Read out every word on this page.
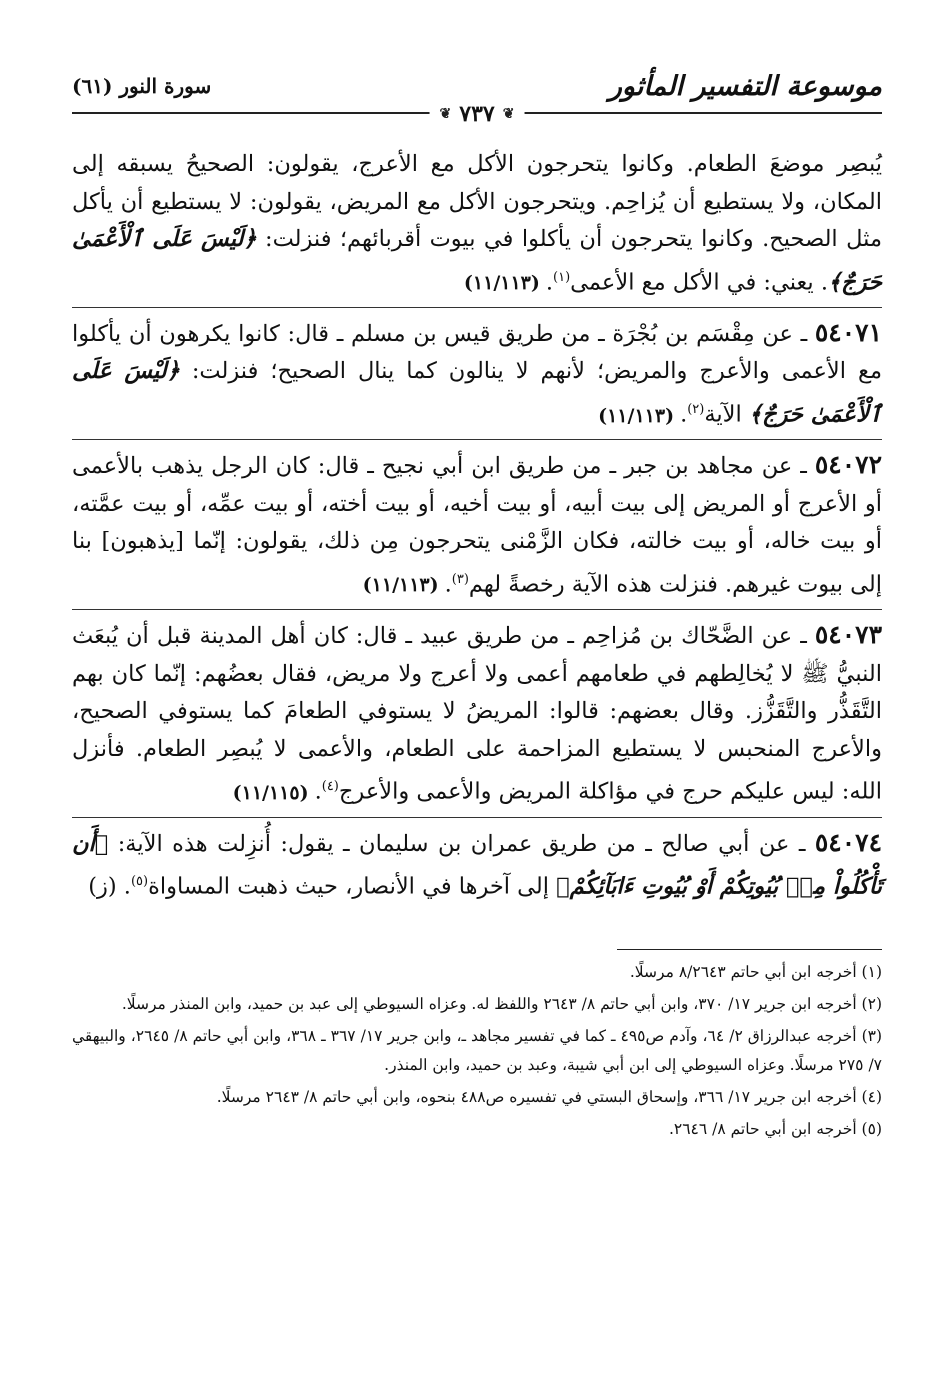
موسوعة التفسير المأثور
❦
٧٣٧
❦
سورة النور (٦١)

يُبصِر موضعَ الطعام. وكانوا يتحرجون الأكل مع الأعرج، يقولون: الصحيحُ يسبقه إلى المكان، ولا يستطيع أن يُزاحِم. ويتحرجون الأكل مع المريض، يقولون: لا يستطيع أن يأكل مثل الصحيح. وكانوا يتحرجون أن يأكلوا في بيوت أقربائهم؛ فنزلت: ﴿لَيْسَ عَلَى ٱلْأَعْمَىٰ حَرَجٌ﴾. يعني: في الأكل مع الأعمى$^{(١)}$.(١١/١١٣)

٥٤٠٧١ ـ عن مِقْسَم بن بُجْرَة ـ من طريق قيس بن مسلم ـ قال: كانوا يكرهون أن يأكلوا مع الأعمى والأعرج والمريض؛ لأنهم لا ينالون كما ينال الصحيح؛ فنزلت: ﴿لَيْسَ عَلَى ٱلْأَعْمَىٰ حَرَجٌ﴾ الآية$^{(٢)}$.(١١/١١٣)

٥٤٠٧٢ ـ عن مجاهد بن جبر ـ من طريق ابن أبي نجيح ـ قال: كان الرجل يذهب بالأعمى أو الأعرج أو المريض إلى بيت أبيه، أو بيت أخيه، أو بيت أخته، أو بيت عمِّه، أو بيت عمَّته، أو بيت خاله، أو بيت خالته، فكان الزَّمْنى يتحرجون مِن ذلك، يقولون: إنّما [يذهبون] بنا إلى بيوت غيرهم. فنزلت هذه الآية رخصةً لهم$^{(٣)}$.(١١/١١٣)

٥٤٠٧٣ ـ عن الضَّحّاك بن مُزاحِم ـ من طريق عبيد ـ قال: كان أهل المدينة قبل أن يُبعَث النبيُّ ﷺ لا يُخالِطهم في طعامهم أعمى ولا أعرج ولا مريض، فقال بعضُهم: إنّما كان بهم التَّقَذُّر والتَّقَزُّز. وقال بعضهم: قالوا: المريضُ لا يستوفي الطعامَ كما يستوفي الصحيح، والأعرج المنحبس لا يستطيع المزاحمة على الطعام، والأعمى لا يُبصِر الطعام. فأنزل الله: ليس عليكم حرج في مؤاكلة المريض والأعمى والأعرج$^{(٤)}$.(١١/١١٥)

٥٤٠٧٤ ـ عن أبي صالح ـ من طريق عمران بن سليمان ـ يقول: أُنزِلت هذه الآية: ﴿أَن تَأْكُلُواْ مِنۢ بُيُوتِكُمْ أَوْ بُيُوتِ ءَابَآئِكُمْ﴾ إلى آخرها في الأنصار، حيث ذهبت المساواة$^{(٥)}$. (ز)

(١) أخرجه ابن أبي حاتم ٨/٢٦٤٣ مرسلًا.

(٢) أخرجه ابن جرير ١٧/ ٣٧٠، وابن أبي حاتم ٨/ ٢٦٤٣ واللفظ له. وعزاه السيوطي إلى عبد بن حميد، وابن المنذر مرسلًا.

(٣) أخرجه عبدالرزاق ٢/ ٦٤، وآدم ص٤٩٥ ـ كما في تفسير مجاهد ـ، وابن جرير ١٧/ ٣٦٧ ـ ٣٦٨، وابن أبي حاتم ٨/ ٢٦٤٥، والبيهقي ٧/ ٢٧٥ مرسلًا. وعزاه السيوطي إلى ابن أبي شيبة، وعبد بن حميد، وابن المنذر.

(٤) أخرجه ابن جرير ١٧/ ٣٦٦، وإسحاق البستي في تفسيره ص٤٨٨ بنحوه، وابن أبي حاتم ٨/ ٢٦٤٣ مرسلًا.

(٥) أخرجه ابن أبي حاتم ٨/ ٢٦٤٦.
